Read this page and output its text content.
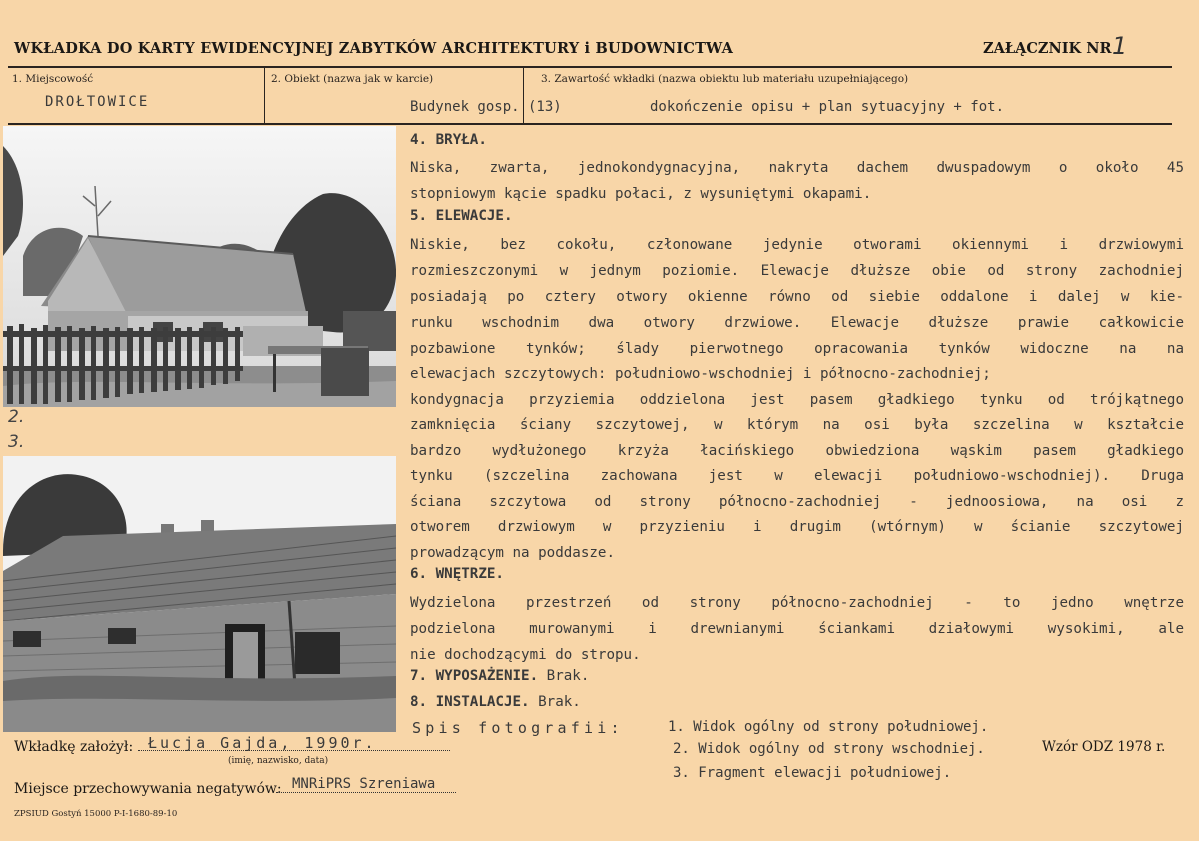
WKŁADKA DO KARTY EWIDENCYJNEJ ZABYTKÓW ARCHITEKTURY i BUDOWNICTWA	ZAŁĄCZNIK NR 1
1. Miejscowość
DROŁTOWICE
2. Obiekt (nazwa jak w karcie)
Budynek gosp. (13)
3. Zawartość wkładki (nazwa obiektu lub materiału uzupełniającego)
dokończenie opisu + plan sytuacyjny + fot.
2.
3.
4. BRYŁA.
Niska, zwarta, jednokondygnacyjna, nakryta dachem dwuspadowym o około 45
stopniowym kącie spadku połaci, z wysuniętymi okapami.
5. ELEWACJE.
Niskie, bez cokołu, członowane jedynie otworami okiennymi i drzwiowymi
rozmieszczonymi w jednym poziomie. Elewacje dłuższe obie od strony zachodniej
posiadają po cztery otwory okienne równo od siebie oddalone i dalej w kie-
runku wschodnim dwa otwory drzwiowe. Elewacje dłuższe prawie całkowicie
pozbawione tynków; ślady pierwotnego opracowania tynków widoczne na na
elewacjach szczytowych: południowo-wschodniej i północno-zachodniej;
kondygnacja przyziemia oddzielona jest pasem gładkiego tynku od trójkątnego
zamknięcia ściany szczytowej, w którym na osi była szczelina w kształcie
bardzo wydłużonego krzyża łacińskiego obwiedziona wąskim pasem gładkiego
tynku (szczelina zachowana jest w elewacji południowo-wschodniej). Druga
ściana szczytowa od strony północno-zachodniej - jednoosiowa, na osi z
otworem drzwiowym w przyzieniu i drugim (wtórnym) w ścianie szczytowej
prowadzącym na poddasze.
6. WNĘTRZE.
Wydzielona przestrzeń od strony północno-zachodniej - to jedno wnętrze
podzielona murowanymi i drewnianymi ściankami działowymi wysokimi, ale
nie dochodzącymi do stropu.
7. WYPOSAŻENIE. Brak.
8. INSTALACJE. Brak.
Spis fotografii:	1. Widok ogólny od strony południowej.
2. Widok ogólny od strony wschodniej.
3. Fragment elewacji południowej.
Wzór ODZ 1978 r.
Wkładkę założył: Łucja Gajda, 1990r.
(imię, nazwisko, data)
Miejsce przechowywania negatywów: MNRiPRS Szreniawa
ZPSIUD Gostyń 15000 P-I-1680-89-10
